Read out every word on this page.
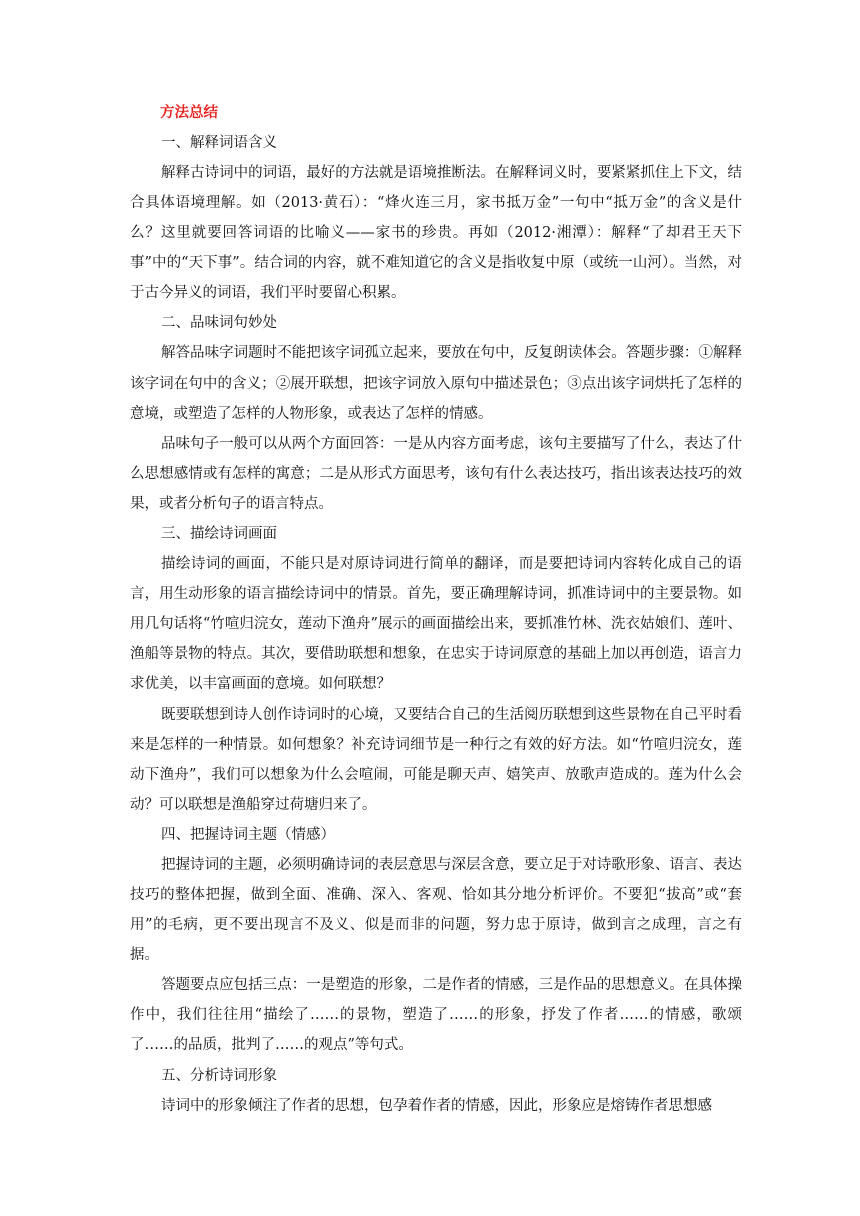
方法总结
一、解释词语含义
解释古诗词中的词语，最好的方法就是语境推断法。在解释词义时，要紧紧抓住上下文，结合具体语境理解。如（2013·黄石）：“烽火连三月，家书抵万金”一句中“抵万金”的含义是什么？这里就要回答词语的比喻义——家书的珍贵。再如（2012·湘潭）：解释“了却君王天下事”中的“天下事”。结合词的内容，就不难知道它的含义是指收复中原（或统一山河）。当然，对于古今异义的词语，我们平时要留心积累。
二、品味词句妙处
解答品味字词题时不能把该字词孤立起来，要放在句中，反复朗读体会。答题步骤：①解释该字词在句中的含义；②展开联想，把该字词放入原句中描述景色；③点出该字词烘托了怎样的意境，或塑造了怎样的人物形象，或表达了怎样的情感。
品味句子一般可以从两个方面回答：一是从内容方面考虑，该句主要描写了什么，表达了什么思想感情或有怎样的寓意；二是从形式方面思考，该句有什么表达技巧，指出该表达技巧的效果，或者分析句子的语言特点。
三、描绘诗词画面
描绘诗词的画面，不能只是对原诗词进行简单的翻译，而是要把诗词内容转化成自己的语言，用生动形象的语言描绘诗词中的情景。首先，要正确理解诗词，抓准诗词中的主要景物。如用几句话将“竹喧归浣女，莲动下渔舟”展示的画面描绘出来，要抓准竹林、洗衣姑娘们、莲叶、渔船等景物的特点。其次，要借助联想和想象，在忠实于诗词原意的基础上加以再创造，语言力求优美，以丰富画面的意境。如何联想？
既要联想到诗人创作诗词时的心境，又要结合自己的生活阅历联想到这些景物在自己平时看来是怎样的一种情景。如何想象？补充诗词细节是一种行之有效的好方法。如“竹喧归浣女，莲动下渔舟”，我们可以想象为什么会喧闹，可能是聊天声、嬉笑声、放歌声造成的。莲为什么会动？可以联想是渔船穿过荷塘归来了。
四、把握诗词主题（情感）
把握诗词的主题，必须明确诗词的表层意思与深层含意，要立足于对诗歌形象、语言、表达技巧的整体把握，做到全面、准确、深入、客观、恰如其分地分析评价。不要犯“拔高”或“套用”的毛病，更不要出现言不及义、似是而非的问题，努力忠于原诗，做到言之成理，言之有据。
答题要点应包括三点：一是塑造的形象，二是作者的情感，三是作品的思想意义。在具体操作中，我们往往用“描绘了……的景物，塑造了……的形象，抒发了作者……的情感，歌颂了……的品质，批判了……的观点”等句式。
五、分析诗词形象
诗词中的形象倾注了作者的思想，包孕着作者的情感，因此，形象应是熔铸作者思想感
